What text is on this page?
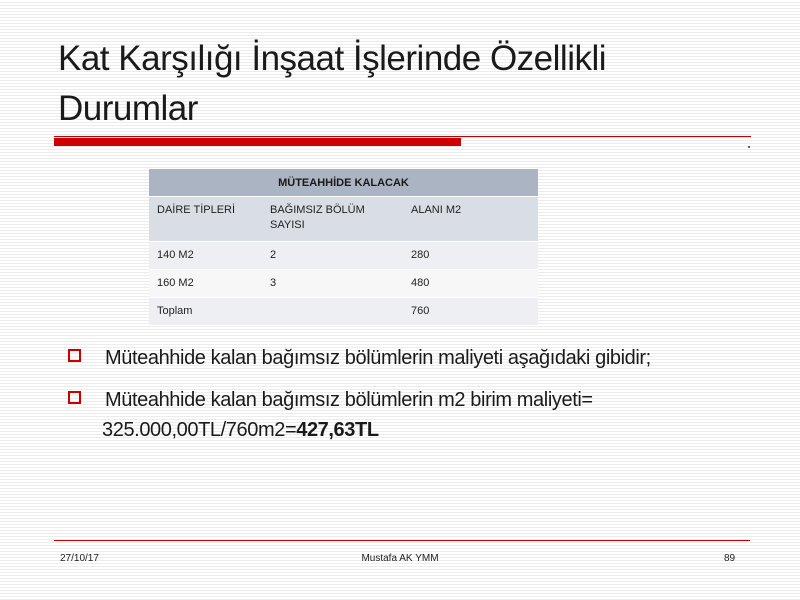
Kat Karşılığı İnşaat İşlerinde Özellikli Durumlar
MÜTEAHHİDE KALACAK		
DAİRE TİPLERİ	BAĞIMSIZ BÖLÜM SAYISI	ALANI M2
140 M2	2	280
160 M2	3	480
Toplam		760
Müteahhide kalan bağımsız bölümlerin maliyeti aşağıdaki gibidir;
Müteahhide kalan bağımsız bölümlerin m2 birim maliyeti=
325.000,00TL/760m2=427,63TL
27/10/17	Mustafa AK YMM	89
